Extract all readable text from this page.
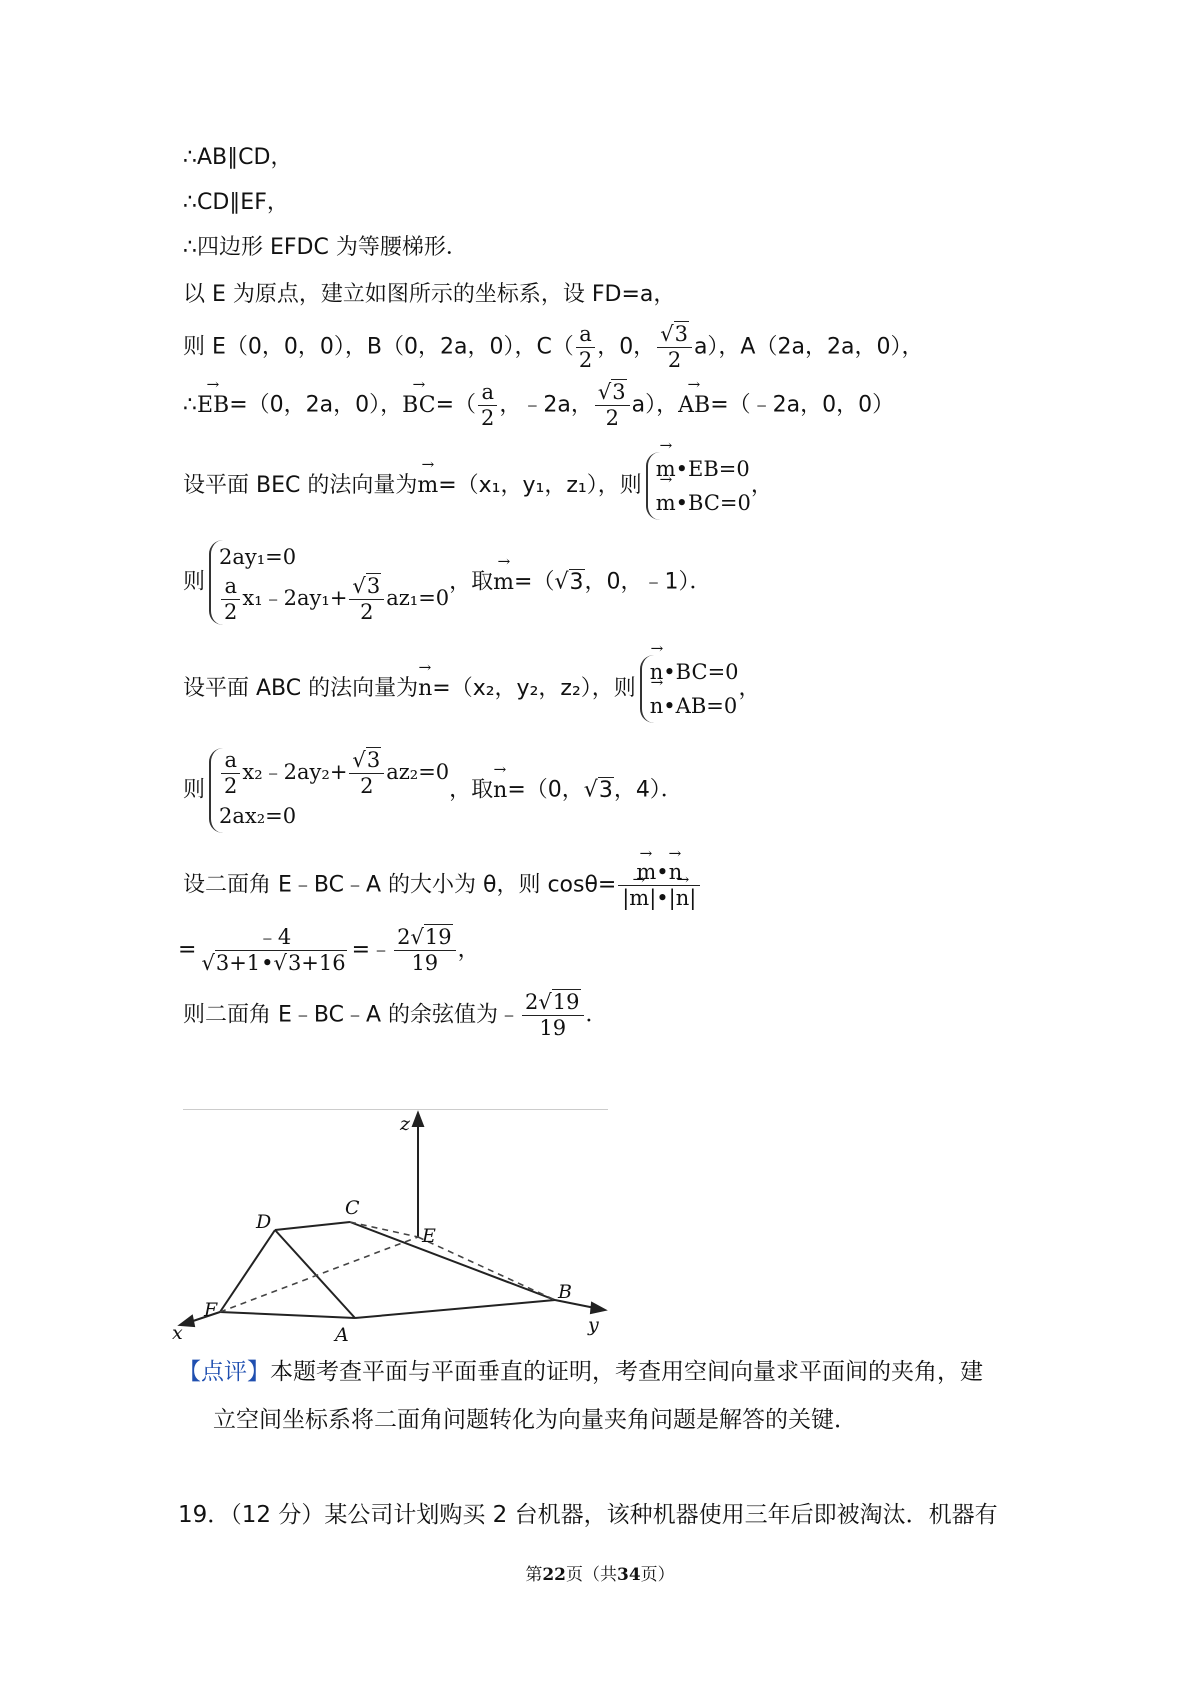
∴AB∥CD，
∴CD∥EF，
∴四边形 EFDC 为等腰梯形．
以 E 为原点，建立如图所示的坐标系，设 FD=a，
则 E（0，0，0），B（0，2a，0），$C( \frac{a}{2}$ ，0， $\frac{√3}{2} a$），A（2a，2a，0），
∴→ EB=（0，2a，0），→ $BC=( \frac{a}{2}$ ，﹣2a， $\frac{√3}{2} a$），→ AB=（﹣2a，0，0）
设平面 BEC 的法向量为→ m=（x₁，y₁，z₁），则
→ m•EB=0
→ m•BC=0
，
则
2ay₁=0
$\frac{a}{2}$ x₁﹣2ay₁+ $\frac{√3}{2} az_1=0$
，取→ m=（√3，0，﹣1）．
设平面 ABC 的法向量为→ n=（x₂，y₂，z₂），则
→ n•BC=0
→ n•AB=0
，
则 $\frac{a}{2}$ x₂﹣2ay₂+ $\frac{√3}{2} az_2=0$
2ax₂=0
，取→ n=（0，√3，4）．
设二面角 E﹣BC﹣A 的大小为 θ，则 cosθ=
→ $\frac{m•\to n}{|\to m|•|\to n|}$
= $\frac{﹣4}{√3+1•√3+16}$ =﹣ $\frac{2√19}{19}$ ，
则二面角 E﹣BC﹣A 的余弦值为﹣ $\frac{2√19}{19}$ ．
z
C
D
E
F
B
A
x	y
【点评】本题考查平面与平面垂直的证明，考查用空间向量求平面间的夹角，建
立空间坐标系将二面角问题转化为向量夹角问题是解答的关键．
19．（12 分）某公司计划购买 2 台机器，该种机器使用三年后即被淘汰．机器有
第22页（共34页）
